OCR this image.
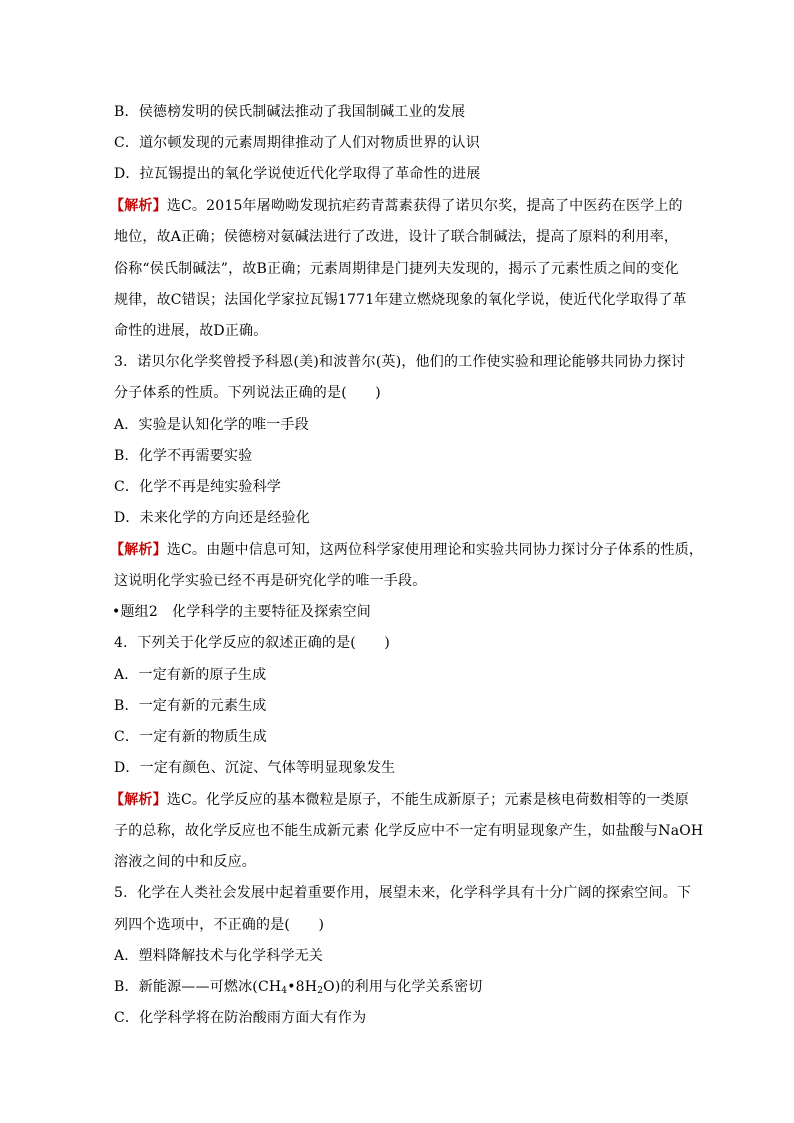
B．侯德榜发明的侯氏制碱法推动了我国制碱工业的发展
C．道尔顿发现的元素周期律推动了人们对物质世界的认识
D．拉瓦锡提出的氧化学说使近代化学取得了革命性的进展
【解析】选C。2015年屠呦呦发现抗疟药青蒿素获得了诺贝尔奖，提高了中医药在医学上的
地位，故A正确；侯德榜对氨碱法进行了改进，设计了联合制碱法，提高了原料的利用率，
俗称“侯氏制碱法”，故B正确；元素周期律是门捷列夫发现的，揭示了元素性质之间的变化
规律，故C错误；法国化学家拉瓦锡1771年建立燃烧现象的氧化学说，使近代化学取得了革
命性的进展，故D正确。
3．诺贝尔化学奖曾授予科恩(美)和波普尔(英)，他们的工作使实验和理论能够共同协力探讨
分子体系的性质。下列说法正确的是(　　)
A．实验是认知化学的唯一手段
B．化学不再需要实验
C．化学不再是纯实验科学
D．未来化学的方向还是经验化
【解析】选C。由题中信息可知，这两位科学家使用理论和实验共同协力探讨分子体系的性质，
这说明化学实验已经不再是研究化学的唯一手段。
•题组2　化学科学的主要特征及探索空间
4．下列关于化学反应的叙述正确的是(　　)
A．一定有新的原子生成
B．一定有新的元素生成
C．一定有新的物质生成
D．一定有颜色、沉淀、气体等明显现象发生
【解析】选C。化学反应的基本微粒是原子，不能生成新原子；元素是核电荷数相等的一类原
子的总称，故化学反应也不能生成新元素 化学反应中不一定有明显现象产生，如盐酸与NaOH
溶液之间的中和反应。
5．化学在人类社会发展中起着重要作用，展望未来，化学科学具有十分广阔的探索空间。下
列四个选项中，不正确的是(　　)
A．塑料降解技术与化学科学无关
B．新能源——可燃冰$(CH_4•8H_2O)$的利用与化学关系密切
C．化学科学将在防治酸雨方面大有作为
